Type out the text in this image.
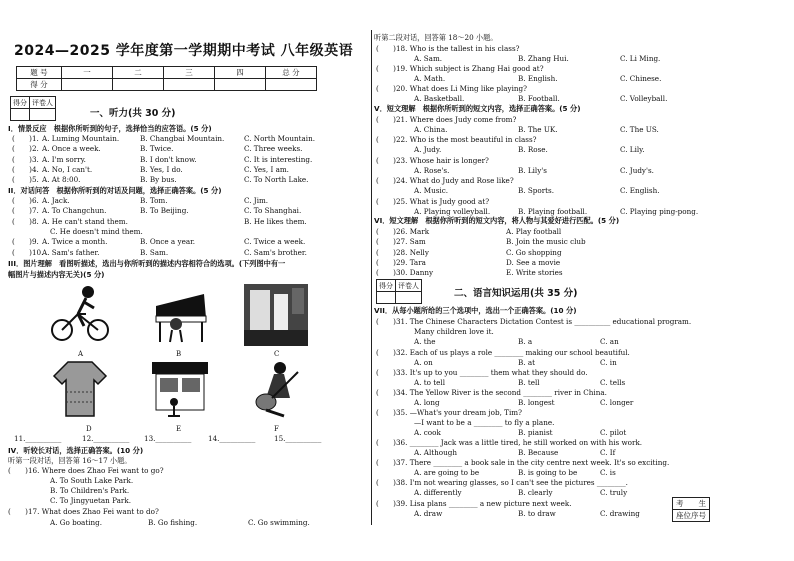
2024—2025 学年度第一学期期中考试 八年级英语
题 号	一	二	三	四	总 分
得 分					
得分	评卷人

一、听力(共 30 分)
I．情景反应　根据你所听到的句子，选择恰当的应答语。(5 分)
(　　)1. A. Luming Mountain.	B. Changbai Mountain.	C. North Mountain.
(　　)2. A. Once a week.	B. Twice.	C. Three weeks.
(　　)3. A. I'm sorry.	B. I don't know.	C. It is interesting.
(　　)4. A. No, I can't.	B. Yes, I do.	C. Yes, I am.
(　　)5. A. At 8:00.	B. By bus.	C. To North Lake.
II．对话问答　根据你所听到的对话及问题，选择正确答案。(5 分)
(　　)6. A. Jack.	B. Tom.	C. Jim.
(　　)7. A. To Changchun.	B. To Beijing.	C. To Shanghai.
(　　)8. A. He can't stand them.	B. He likes them.
C. He doesn't mind them.
(　　)9. A. Twice a month.	B. Once a year.	C. Twice a week.
(　　)10.
A. Sam's father.	B. Sam.	C. Sam's brother.
III．图片理解　看图听描述，选出与你所听到的描述内容相符合的选项。(下列图中有一
幅图片与描述内容无关)(5 分)
A	B	C
D	E	F
11.__________	12.__________ 13.__________ 14.__________	15.__________
IV．听较长对话，选择正确答案。(10 分)
听第一段对话，回答第 16～17 小题。
(　　)16. Where does Zhao Fei want to go?
A. To South Lake Park.
B. To Children's Park.
C. To Jingyuetan Park.
(　　)17. What does Zhao Fei want to do?
A. Go boating.	B. Go fishing.	C. Go swimming.
听第二段对话，回答第 18～20 小题。
(　　)18. Who is the tallest in his class?
A. Sam.	B. Zhang Hui.	C. Li Ming.
(　　)19. Which subject is Zhang Hai good at?
A. Math.	B. English.	C. Chinese.
(　　)20. What does Li Ming like playing?
A. Basketball.	B. Football.	C. Volleyball.
V．短文理解　根据你所听到的短文内容，选择正确答案。(5 分)
(　　)21. Where does Judy come from?
A. China.	B. The UK.	C. The US.
(　　)22. Who is the most beautiful in class?
A. Judy.	B. Rose.	C. Lily.
(　　)23. Whose hair is longer?
A. Rose's.	B. Lily's	C. Judy's.
(　　)24. What do Judy and Rose like?
A. Music.	B. Sports.	C. English.
(　　)25. What is Judy good at?
A. Playing volleyball.	B. Playing football.	C. Playing ping-pong.
VI．短文理解　根据你所听到的短文内容，将人物与其爱好进行匹配。(5 分)
(　　)26. Mark	A. Play football
(　　)27. Sam	B. Join the music club
(　　)28. Nelly	C. Go shopping
(　　)29. Tara	D. See a movie
(　　)30. Danny	E. Write stories
二、语言知识运用(共 35 分)
VII．从每小题所给的三个选项中，选出一个正确答案。(10 分)
(　　)31. The Chinese Characters Dictation Contest is __________ educational program.
Many children love it.
A. the	B. a	C. an
(　　)32. Each of us plays a role ________ making our school beautiful.
A. on	B. at	C. in
(　　)33. It's up to you ________ them what they should do.
A. to tell	B. tell	C. tells
(　　)34. The Yellow River is the second ________ river in China.
A. long	B. longest	C. longer
(　　)35. —What's your dream job, Tim?
—I want to be a ________ to fly a plane.
A. cook	B. pianist	C. pilot
(　　)36. ________ Jack was a little tired, he still worked on with his work.
A. Although	B. Because	C. If
(　　)37. There ________ a book sale in the city centre next week. It's so exciting.
A. are going to be	B. is going to be	C. is
(　　)38. I'm not wearing glasses, so I can't see the pictures ________.
A. differently	B. clearly	C. truly
(　　)39. Lisa plans ________ a new picture next week.
A. draw	B. to draw	C. drawing
得分	评卷人

考　　生
座位序号
